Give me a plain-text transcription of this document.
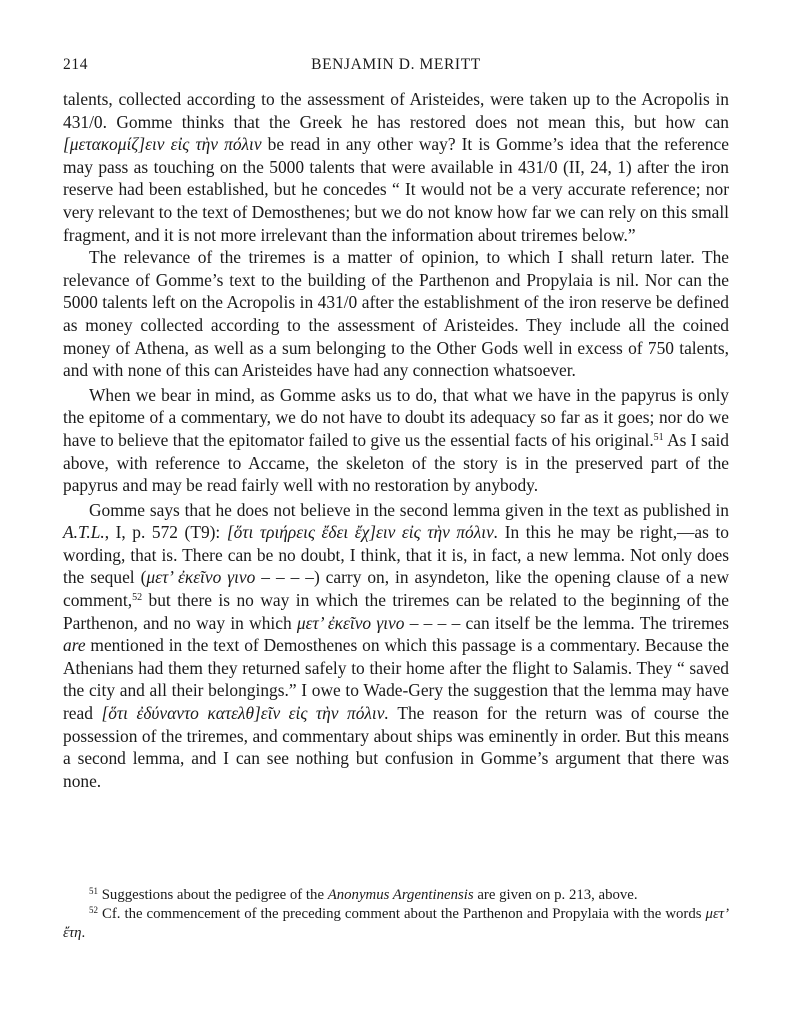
214	BENJAMIN D. MERITT

talents, collected according to the assessment of Aristeides, were taken up to the Acropolis in 431/0. Gomme thinks that the Greek he has restored does not mean this, but how can [μετακομίζ]ειν εἰς τὴν πόλιν be read in any other way? It is Gomme’s idea that the reference may pass as touching on the 5000 talents that were available in 431/0 (II, 24, 1) after the iron reserve had been established, but he concedes “ It would not be a very accurate reference; nor very relevant to the text of Demosthenes; but we do not know how far we can rely on this small fragment, and it is not more irrelevant than the information about triremes below.”

The relevance of the triremes is a matter of opinion, to which I shall return later. The relevance of Gomme’s text to the building of the Parthenon and Propylaia is nil. Nor can the 5000 talents left on the Acropolis in 431/0 after the establishment of the iron reserve be defined as money collected according to the assessment of Aristeides. They include all the coined money of Athena, as well as a sum belonging to the Other Gods well in excess of 750 talents, and with none of this can Aristeides have had any connection whatsoever.

When we bear in mind, as Gomme asks us to do, that what we have in the papyrus is only the epitome of a commentary, we do not have to doubt its adequacy so far as it goes; nor do we have to believe that the epitomator failed to give us the essential facts of his original.$^{51}$ As I said above, with reference to Accame, the skeleton of the story is in the preserved part of the papyrus and may be read fairly well with no restoration by anybody.

Gomme says that he does not believe in the second lemma given in the text as published in A.T.L., I, p. 572 (T9): [ὅτι τριήρεις ἔδει ἔχ]ειν εἰς τὴν πόλιν. In this he may be right,—as to wording, that is. There can be no doubt, I think, that it is, in fact, a new lemma. Not only does the sequel (μετ’ ἐκεῖνο γινο – – – –) carry on, in asyndeton, like the opening clause of a new comment,$^{52}$ but there is no way in which the triremes can be related to the beginning of the Parthenon, and no way in which μετ’ ἐκεῖνο γινο – – – – can itself be the lemma. The triremes are mentioned in the text of Demosthenes on which this passage is a commentary. Because the Athenians had them they returned safely to their home after the flight to Salamis. They “ saved the city and all their belongings.” I owe to Wade-Gery the suggestion that the lemma may have read [ὅτι ἐδύναντο κατελθ]εῖν εἰς τὴν πόλιν. The reason for the return was of course the possession of the triremes, and commentary about ships was eminently in order. But this means a second lemma, and I can see nothing but confusion in Gomme’s argument that there was none.

$^{51}$ Suggestions about the pedigree of the Anonymus Argentinensis are given on p. 213, above.

$^{52}$ Cf. the commencement of the preceding comment about the Parthenon and Propylaia with the words μετ’ ἔτη.
